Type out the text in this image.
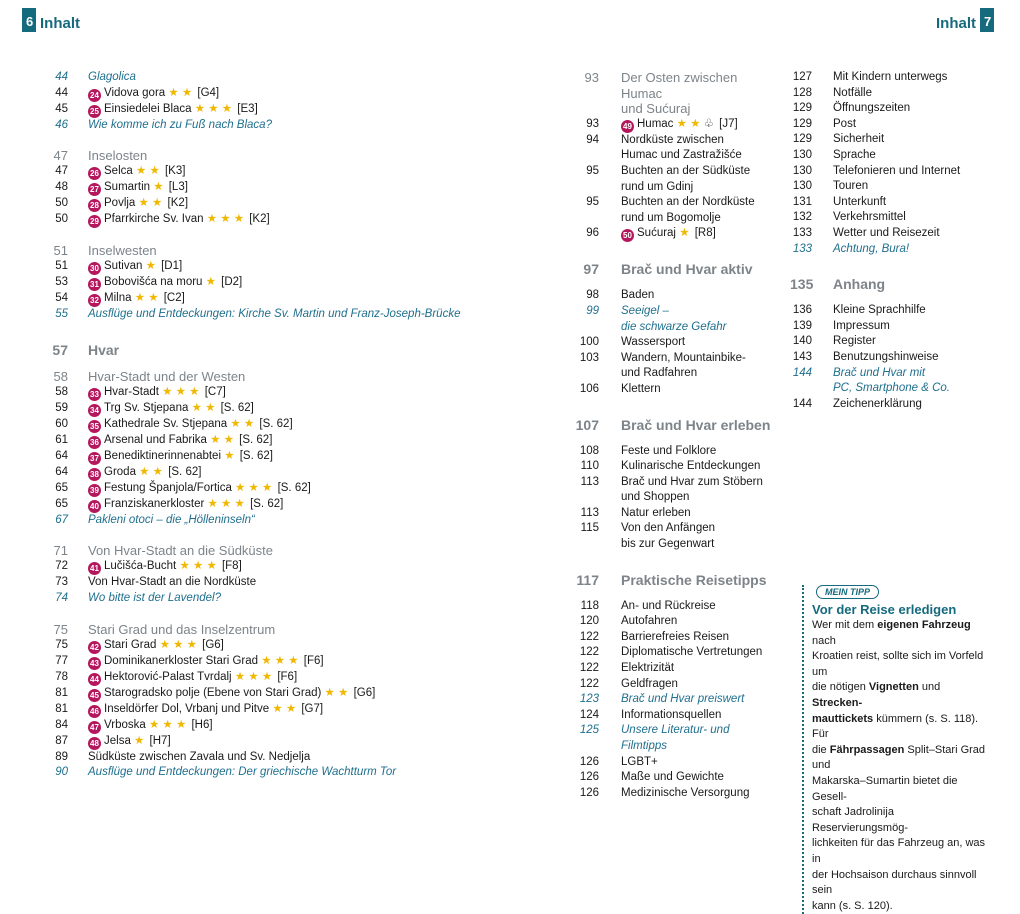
6 Inhalt	Inhalt 7
44 Glagolica
44	24 Vidova gora ★ ★ [G4]
45	25 Einsiedelei Blaca ★ ★ ★ [E3]
46 Wie komme ich zu Fuß nach Blaca?
47 Inselosten
47	26 Selca ★ ★ [K3]
48	27 Sumartin ★ [L3]
50	28 Povlja ★ ★ [K2]
50	29 Pfarrkirche Sv. Ivan ★ ★ ★ [K2]
51 Inselwesten
51	30 Sutivan ★ [D1]
53	31 Bobovišća na moru ★ [D2]
54	32 Milna ★ ★ [C2]
55 Ausflüge und Entdeckungen: Kirche Sv. Martin und Franz-Joseph-Brücke
57 Hvar
58 Hvar-Stadt und der Westen
58	33 Hvar-Stadt ★ ★ ★ [C7]
59	34 Trg Sv. Stjepana ★ ★ [S. 62]
60	35 Kathedrale Sv. Stjepana ★ ★ [S. 62]
61	36 Arsenal und Fabrika ★ ★ [S. 62]
64	37 Benediktinerinnenabtei ★ [S. 62]
64	38 Groda ★ ★ [S. 62]
65	39 Festung Španjola/Fortica ★ ★ ★ [S. 62]
65	40 Franziskanerkloster ★ ★ ★ [S. 62]
67 Pakleni otoci – die „Hölleninseln“
71 Von Hvar-Stadt an die Südküste
72	41 Lučišća-Bucht ★ ★ ★ [F8]
73 Von Hvar-Stadt an die Nordküste
74 Wo bitte ist der Lavendel?
75 Stari Grad und das Inselzentrum
75	42 Stari Grad ★ ★ ★ [G6]
77	43 Dominikanerkloster Stari Grad ★ ★ ★ [F6]
78	44 Hektorović-Palast Tvrdalj ★ ★ ★ [F6]
81	45 Starogradsko polje (Ebene von Stari Grad) ★ ★ [G6]
81	46 Inseldörfer Dol, Vrbanj und Pitve ★ ★ [G7]
84	47 Vrboska ★ ★ ★ [H6]
87	48 Jelsa ★ [H7]
89 Südküste zwischen Zavala und Sv. Nedjelja
90 Ausflüge und Entdeckungen: Der griechische Wachtturm Tor
93 Der Osten zwischen Humac
und Sućuraj
93	49 Humac ★ ★ ♧ [J7]
94 Nordküste zwischen
Humac und Zastražišće
95 Buchten an der Südküste
rund um Gdinj
95 Buchten an der Nordküste
rund um Bogomolje
96	50 Sućuraj ★ [R8]
97 Brač und Hvar aktiv
98 Baden
99 Seeigel –
die schwarze Gefahr
100 Wassersport
103 Wandern, Mountainbike-
und Radfahren
106 Klettern
107 Brač und Hvar erleben
108 Feste und Folklore
110 Kulinarische Entdeckungen
113 Brač und Hvar zum Stöbern
und Shoppen
113 Natur erleben
115 Von den Anfängen
bis zur Gegenwart
117 Praktische Reisetipps
118 An- und Rückreise
120 Autofahren
122 Barrierefreies Reisen
122 Diplomatische Vertretungen
122 Elektrizität
122 Geldfragen
123 Brač und Hvar preiswert
124 Informationsquellen
125 Unsere Literatur- und Filmtipps
126 LGBT+
126 Maße und Gewichte
126 Medizinische Versorgung
127 Mit Kindern unterwegs
128 Notfälle
129 Öffnungszeiten
129 Post
129 Sicherheit
130 Sprache
130 Telefonieren und Internet
130 Touren
131 Unterkunft
132 Verkehrsmittel
133 Wetter und Reisezeit
133 Achtung, Bura!
135 Anhang
136 Kleine Sprachhilfe
139 Impressum
140 Register
143 Benutzungshinweise
144 Brač und Hvar mit
PC, Smartphone & Co.
144 Zeichenerklärung
MEIN TIPP
Vor der Reise erledigen
Wer mit dem eigenen Fahrzeug nach
Kroatien reist, sollte sich im Vorfeld um
die nötigen Vignetten und Strecken-
mauttickets kümmern (s. S. 118). Für
die Fährpassagen Split–Stari Grad und
Makarska–Sumartin bietet die Gesell-
schaft Jadrolinija Reservierungsmög-
lichkeiten für das Fahrzeug an, was in
der Hochsaison durchaus sinnvoll sein
kann (s. S. 120).
